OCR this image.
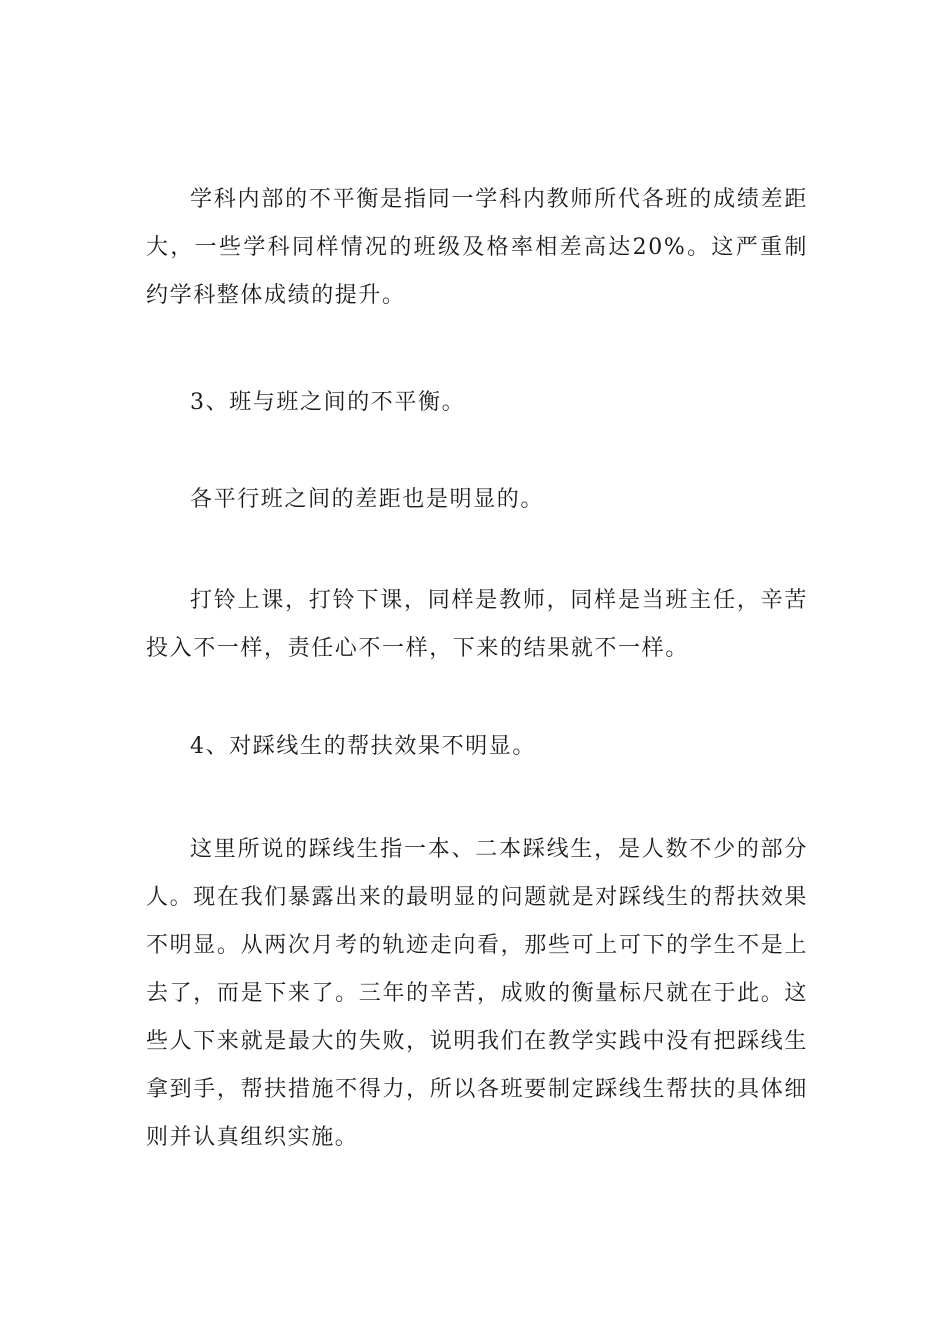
学科内部的不平衡是指同一学科内教师所代各班的成绩差距大，一些学科同样情况的班级及格率相差高达20%。这严重制约学科整体成绩的提升。

3、班与班之间的不平衡。

各平行班之间的差距也是明显的。

打铃上课，打铃下课，同样是教师，同样是当班主任，辛苦投入不一样，责任心不一样，下来的结果就不一样。

4、对踩线生的帮扶效果不明显。

这里所说的踩线生指一本、二本踩线生，是人数不少的部分人。现在我们暴露出来的最明显的问题就是对踩线生的帮扶效果不明显。从两次月考的轨迹走向看，那些可上可下的学生不是上去了，而是下来了。三年的辛苦，成败的衡量标尺就在于此。这些人下来就是最大的失败，说明我们在教学实践中没有把踩线生拿到手，帮扶措施不得力，所以各班要制定踩线生帮扶的具体细则并认真组织实施。
